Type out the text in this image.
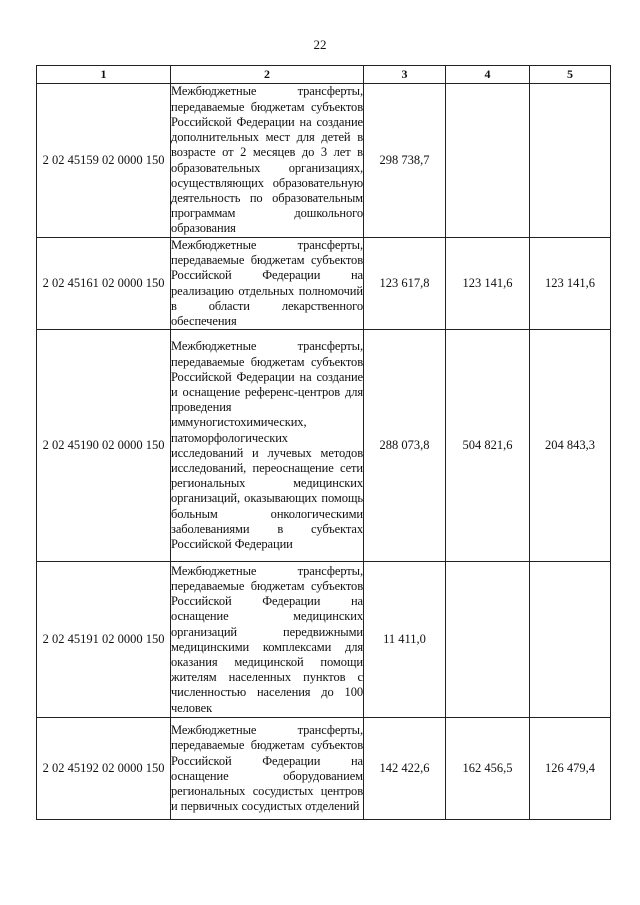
22
1	2	3	4	5
2 02 45159 02 0000 150	Межбюджетные трансферты, передаваемые бюджетам субъектов Российской Федерации на создание дополнительных мест для детей в возрасте от 2 месяцев до 3 лет в образовательных организациях, осуществляющих образовательную деятельность по образовательным программам дошкольного образования	298 738,7		
2 02 45161 02 0000 150	Межбюджетные трансферты, передаваемые бюджетам субъектов Российской Федерации на реализацию отдельных полномочий в области лекарственного обеспечения	123 617,8	123 141,6	123 141,6
2 02 45190 02 0000 150	Межбюджетные трансферты, передаваемые бюджетам субъектов Российской Федерации на создание и оснащение референс-центров для проведения иммуногистохимических, патоморфологических исследований и лучевых методов исследований, переоснащение сети региональных медицинских организаций, оказывающих помощь больным онкологическими заболеваниями в субъектах Российской Федерации	288 073,8	504 821,6	204 843,3
2 02 45191 02 0000 150	Межбюджетные трансферты, передаваемые бюджетам субъектов Российской Федерации на оснащение медицинских организаций передвижными медицинскими комплексами для оказания медицинской помощи жителям населенных пунктов с численностью населения до 100 человек	11 411,0		
2 02 45192 02 0000 150	Межбюджетные трансферты, передаваемые бюджетам субъектов Российской Федерации на оснащение оборудованием региональных сосудистых центров и первичных сосудистых отделений	142 422,6	162 456,5	126 479,4
